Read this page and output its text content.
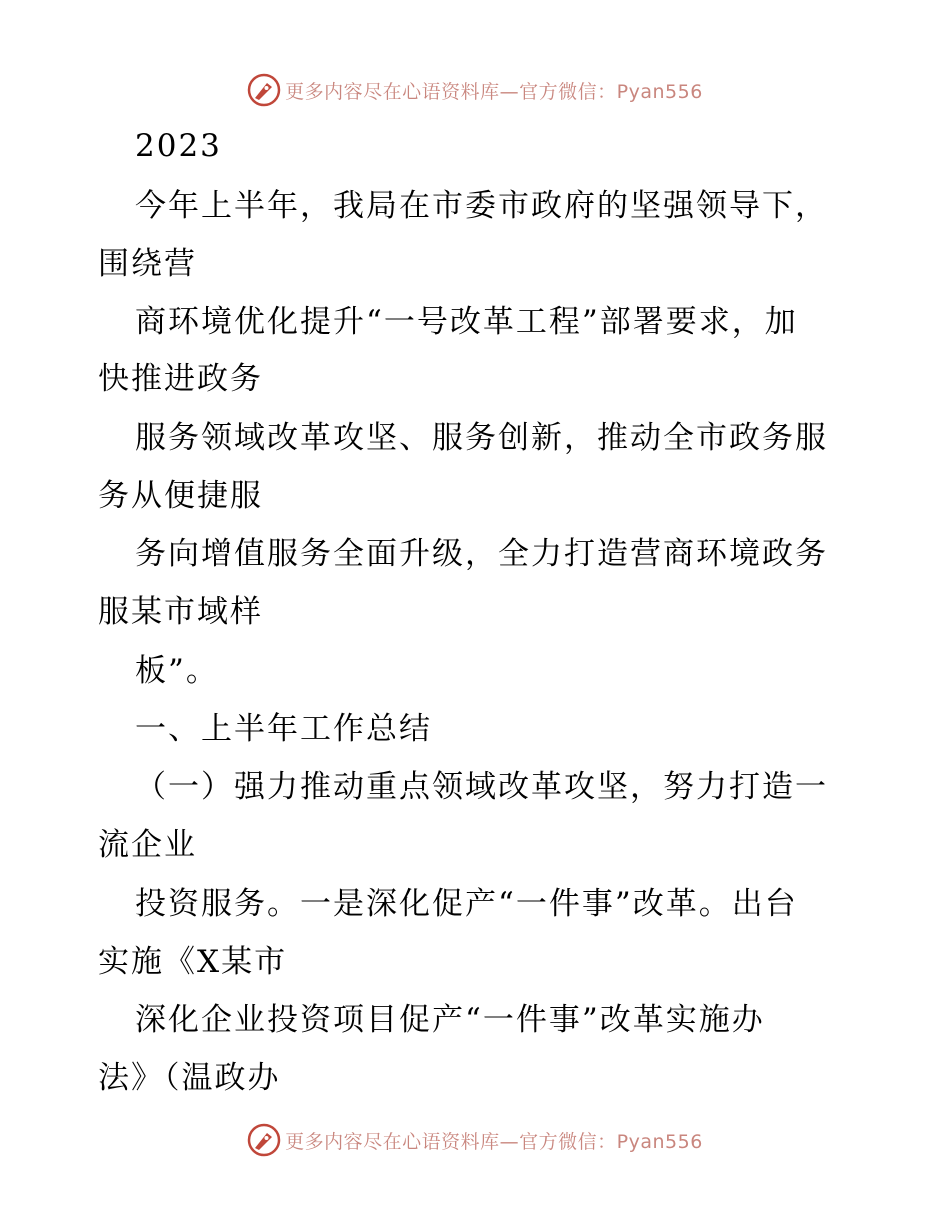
更多内容尽在心语资料库—官方微信：Pyan556
2023
今年上半年，我局在市委市政府的坚强领导下，
围绕营
商环境优化提升“一号改革工程”部署要求，加
快推进政务
服务领域改革攻坚、服务创新，推动全市政务服
务从便捷服
务向增值服务全面升级，全力打造营商环境政务
服某市域样
板”。
一、上半年工作总结
（一）强力推动重点领域改革攻坚，努力打造一
流企业
投资服务。一是深化促产“一件事”改革。出台
实施《X某市
深化企业投资项目促产“一件事”改革实施办
法》（温政办
更多内容尽在心语资料库—官方微信：Pyan556
